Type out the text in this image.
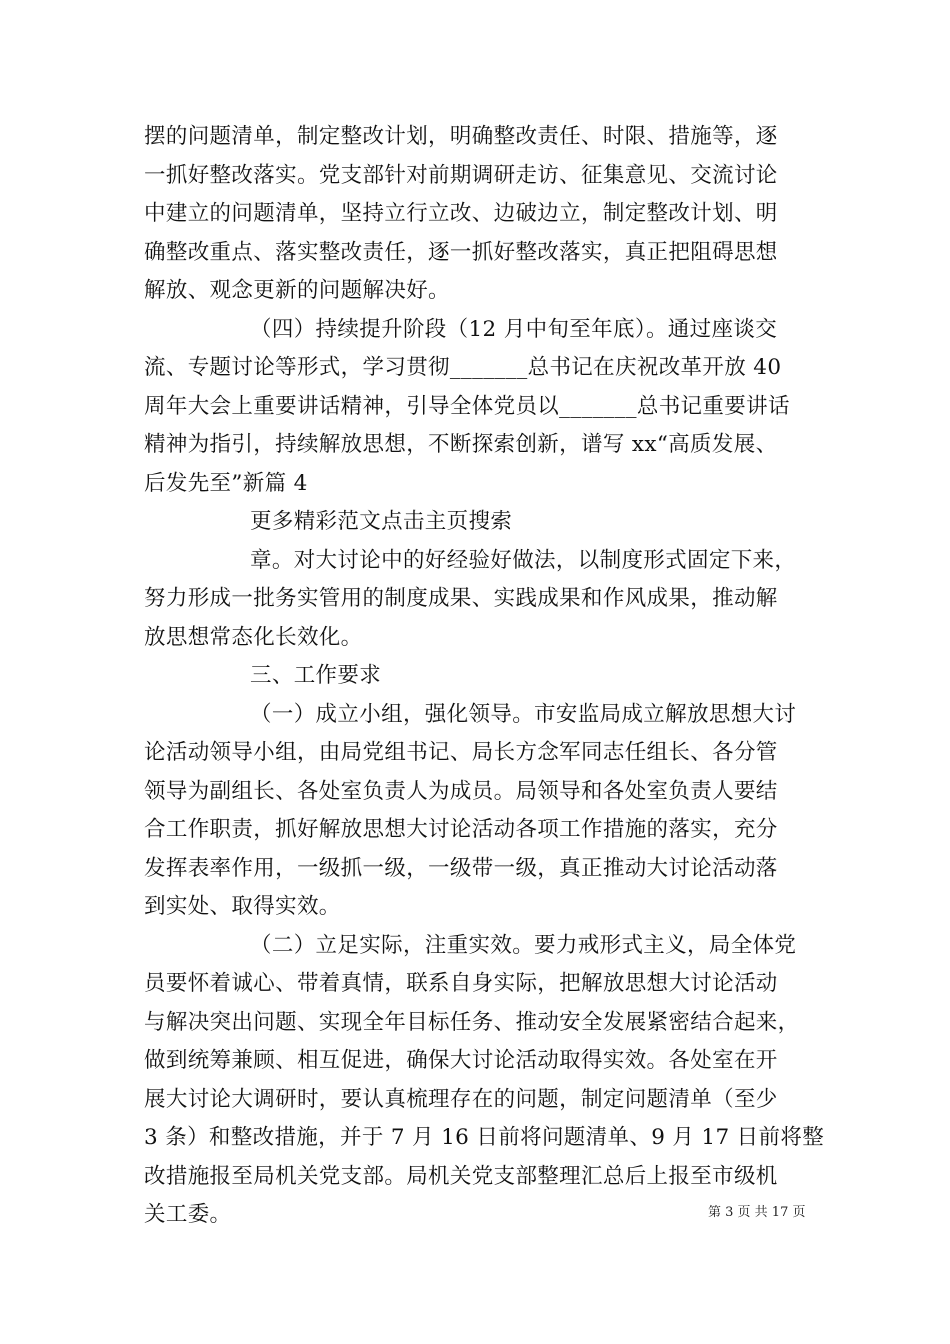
摆的问题清单，制定整改计划，明确整改责任、时限、措施等，逐
一抓好整改落实。党支部针对前期调研走访、征集意见、交流讨论
中建立的问题清单，坚持立行立改、边破边立，制定整改计划、明
确整改重点、落实整改责任，逐一抓好整改落实，真正把阻碍思想
解放、观念更新的问题解决好。

（四）持续提升阶段（12 月中旬至年底）。通过座谈交
流、专题讨论等形式，学习贯彻_______总书记在庆祝改革开放 40
周年大会上重要讲话精神，引导全体党员以_______总书记重要讲话
精神为指引，持续解放思想，不断探索创新，谱写 xx“高质发展、
后发先至”新篇 4

更多精彩范文点击主页搜索

章。对大讨论中的好经验好做法，以制度形式固定下来，
努力形成一批务实管用的制度成果、实践成果和作风成果，推动解
放思想常态化长效化。

三、工作要求

（一）成立小组，强化领导。市安监局成立解放思想大讨
论活动领导小组，由局党组书记、局长方念军同志任组长、各分管
领导为副组长、各处室负责人为成员。局领导和各处室负责人要结
合工作职责，抓好解放思想大讨论活动各项工作措施的落实，充分
发挥表率作用，一级抓一级，一级带一级，真正推动大讨论活动落
到实处、取得实效。

（二）立足实际，注重实效。要力戒形式主义，局全体党
员要怀着诚心、带着真情，联系自身实际，把解放思想大讨论活动
与解决突出问题、实现全年目标任务、推动安全发展紧密结合起来，
做到统筹兼顾、相互促进，确保大讨论活动取得实效。各处室在开
展大讨论大调研时，要认真梳理存在的问题，制定问题清单（至少
3 条）和整改措施，并于 7 月 16 日前将问题清单、9 月 17 日前将整
改措施报至局机关党支部。局机关党支部整理汇总后上报至市级机
关工委。	第 3 页 共 17 页
